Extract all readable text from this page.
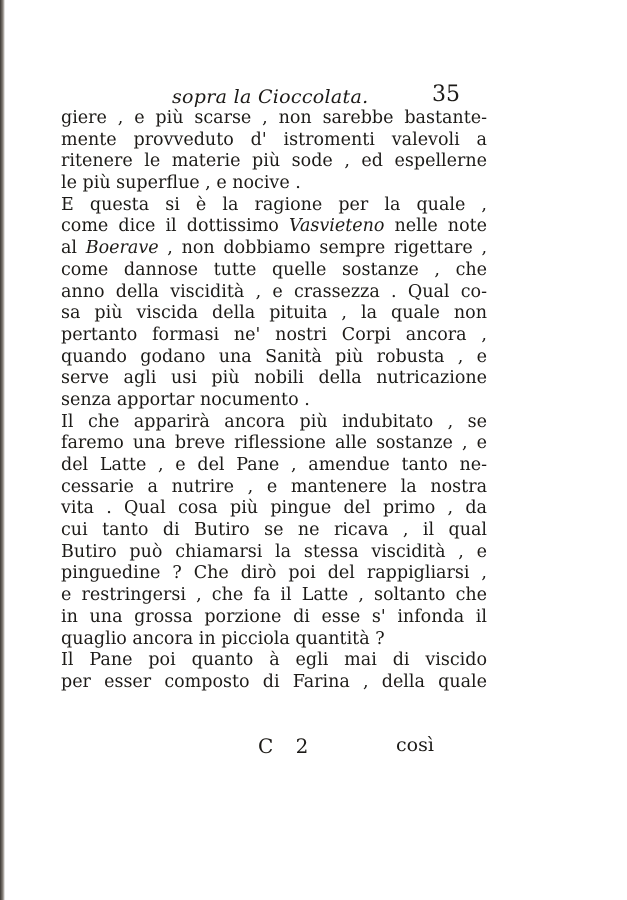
sopra la Cioccolata.	35
giere , e più scarse , non sarebbe bastante-
mente provveduto d' istromenti valevoli a
ritenere le materie più sode , ed espellerne
le più superflue , e nocive .
E questa si è la ragione per la quale ,
come dice il dottissimo Vasvieteno nelle note
al Boerave , non dobbiamo sempre rigettare ,
come dannose tutte quelle sostanze , che
anno della viscidità , e crassezza . Qual co-
sa più viscida della pituita , la quale non
pertanto formasi ne' nostri Corpi ancora ,
quando godano una Sanità più robusta , e
serve agli usi più nobili della nutricazione
senza apportar nocumento .
Il che apparirà ancora più indubitato , se
faremo una breve riflessione alle sostanze , e
del Latte , e del Pane , amendue tanto ne-
cessarie a nutrire , e mantenere la nostra
vita . Qual cosa più pingue del primo , da
cui tanto di Butiro se ne ricava , il qual
Butiro può chiamarsi la stessa viscidità , e
pinguedine ? Che dirò poi del rappigliarsi ,
e restringersi , che fa il Latte , soltanto che
in una grossa porzione di esse s' infonda il
quaglio ancora in picciola quantità ?
Il Pane poi quanto à egli mai di viscido
per esser composto di Farina , della quale
C 2	così
